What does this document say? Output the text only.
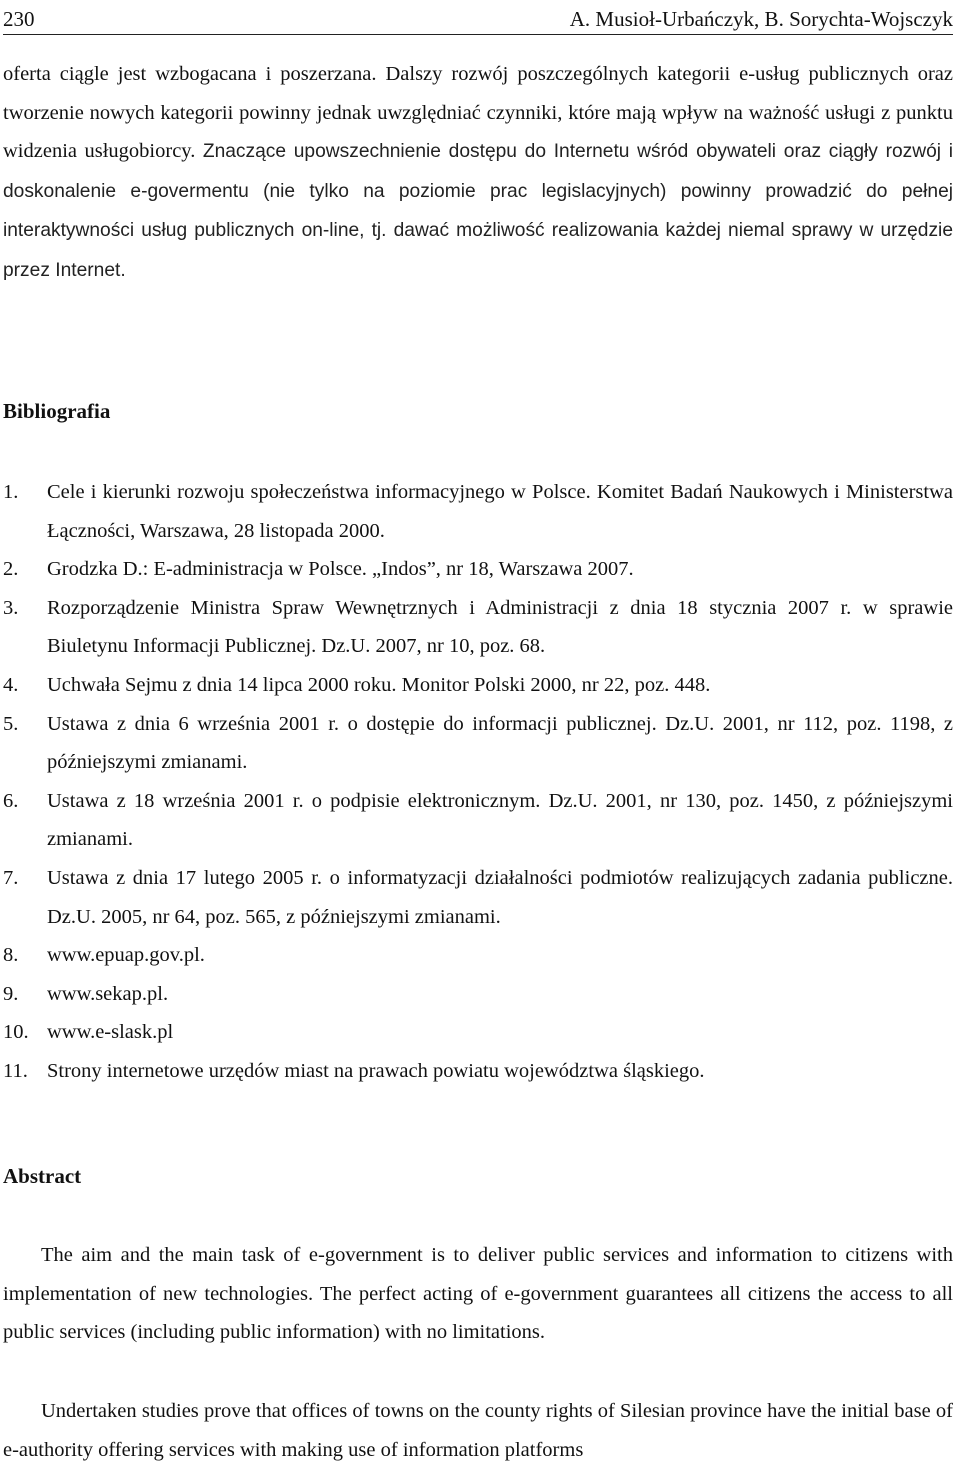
230	A. Musioł-Urbańczyk, B. Sorychta-Wojsczyk

oferta ciągle jest wzbogacana i poszerzana. Dalszy rozwój poszczególnych kategorii e-usług publicznych oraz tworzenie nowych kategorii powinny jednak uwzględniać czynniki, które mają wpływ na ważność usługi z punktu widzenia usługobiorcy. Znaczące upowszechnienie dostępu do Internetu wśród obywateli oraz ciągły rozwój i doskonalenie e-govermentu (nie tylko na poziomie prac legislacyjnych) powinny prowadzić do pełnej interaktywności usług publicznych on-line, tj. dawać możliwość realizowania każdej niemal sprawy w urzędzie przez Internet.

Bibliografia
1. Cele i kierunki rozwoju społeczeństwa informacyjnego w Polsce. Komitet Badań Naukowych i Ministerstwa Łączności, Warszawa, 28 listopada 2000.
2. Grodzka D.: E-administracja w Polsce. „Indos”, nr 18, Warszawa 2007.
3. Rozporządzenie Ministra Spraw Wewnętrznych i Administracji z dnia 18 stycznia 2007 r. w sprawie Biuletynu Informacji Publicznej. Dz.U. 2007, nr 10, poz. 68.
4. Uchwała Sejmu z dnia 14 lipca 2000 roku. Monitor Polski 2000, nr 22, poz. 448.
5. Ustawa z dnia 6 września 2001 r. o dostępie do informacji publicznej. Dz.U. 2001, nr 112, poz. 1198, z późniejszymi zmianami.
6. Ustawa z 18 września 2001 r. o podpisie elektronicznym. Dz.U. 2001, nr 130, poz. 1450, z późniejszymi zmianami.
7. Ustawa z dnia 17 lutego 2005 r. o informatyzacji działalności podmiotów realizujących zadania publiczne. Dz.U. 2005, nr 64, poz. 565, z późniejszymi zmianami.
8. www.epuap.gov.pl.
9. www.sekap.pl.
10. www.e-slask.pl
11. Strony internetowe urzędów miast na prawach powiatu województwa śląskiego.
Abstract

The aim and the main task of e-government is to deliver public services and information to citizens with implementation of new technologies. The perfect acting of e-government guarantees all citizens the access to all public services (including public information) with no limitations.

Undertaken studies prove that offices of towns on the county rights of Silesian province have the initial base of e-authority offering services with making use of information platforms
